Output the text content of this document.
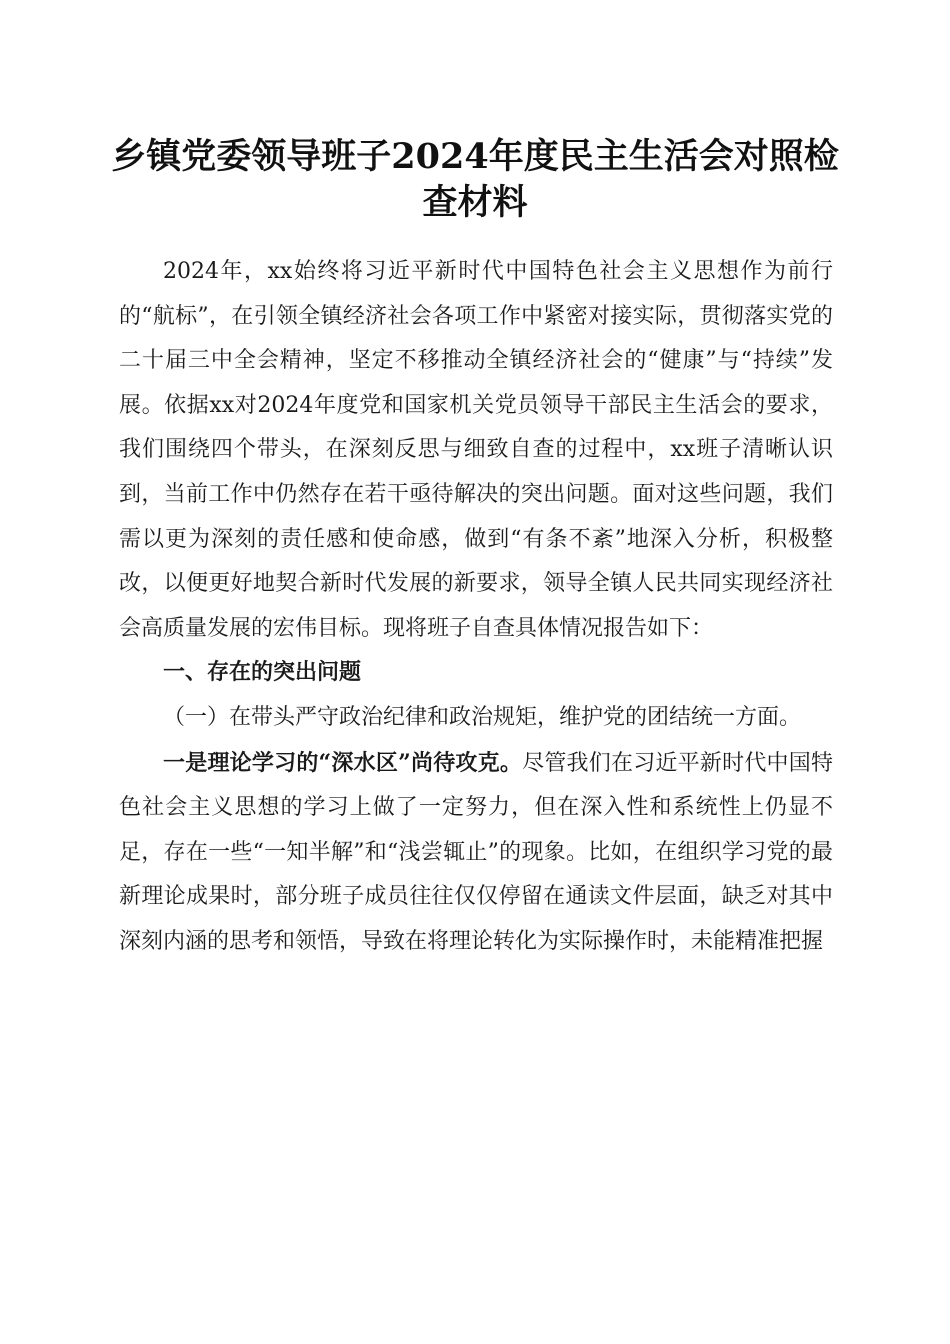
乡镇党委领导班子2024年度民主生活会对照检查材料

2024年，xx始终将习近平新时代中国特色社会主义思想作为前行的“航标”，在引领全镇经济社会各项工作中紧密对接实际，贯彻落实党的二十届三中全会精神，坚定不移推动全镇经济社会的“健康”与“持续”发展。依据xx对2024年度党和国家机关党员领导干部民主生活会的要求，我们围绕四个带头，在深刻反思与细致自查的过程中，xx班子清晰认识到，当前工作中仍然存在若干亟待解决的突出问题。面对这些问题，我们需以更为深刻的责任感和使命感，做到“有条不紊”地深入分析，积极整改，以便更好地契合新时代发展的新要求，领导全镇人民共同实现经济社会高质量发展的宏伟目标。现将班子自查具体情况报告如下：

一、存在的突出问题

（一）在带头严守政治纪律和政治规矩，维护党的团结统一方面。

一是理论学习的“深水区”尚待攻克。尽管我们在习近平新时代中国特色社会主义思想的学习上做了一定努力，但在深入性和系统性上仍显不足，存在一些“一知半解”和“浅尝辄止”的现象。比如，在组织学习党的最新理论成果时，部分班子成员往往仅仅停留在通读文件层面，缺乏对其中深刻内涵的思考和领悟，导致在将理论转化为实际操作时，未能精准把握
